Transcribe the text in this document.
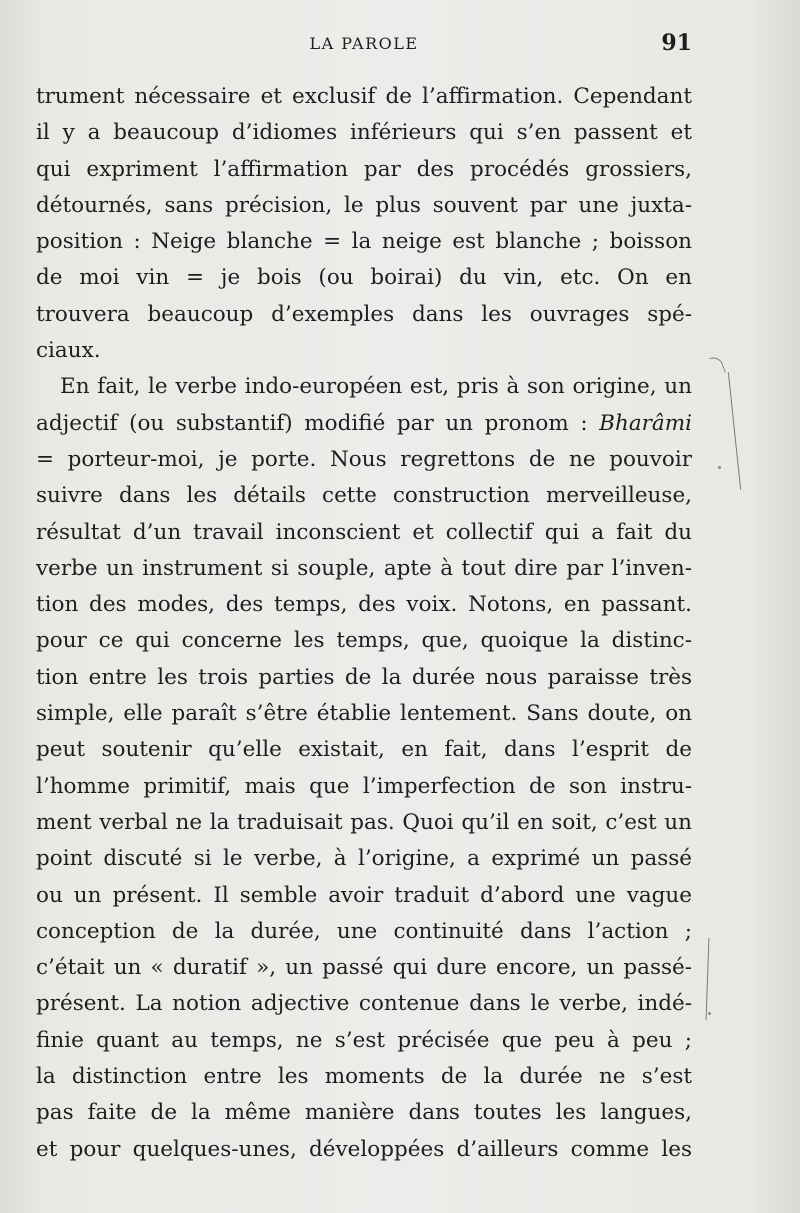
LA PAROLE	91
trument nécessaire et exclusif de l’affirmation. Cependant
il y a beaucoup d’idiomes inférieurs qui s’en passent et
qui expriment l’affirmation par des procédés grossiers,
détournés, sans précision, le plus souvent par une juxta-
position : Neige blanche = la neige est blanche ; boisson
de moi vin = je bois (ou boirai) du vin, etc. On en
trouvera beaucoup d’exemples dans les ouvrages spé-
ciaux.
En fait, le verbe indo-européen est, pris à son origine, un
adjectif (ou substantif) modifié par un pronom : Bharâmi
= porteur-moi, je porte. Nous regrettons de ne pouvoir
suivre dans les détails cette construction merveilleuse,
résultat d’un travail inconscient et collectif qui a fait du
verbe un instrument si souple, apte à tout dire par l’inven-
tion des modes, des temps, des voix. Notons, en passant.
pour ce qui concerne les temps, que, quoique la distinc-
tion entre les trois parties de la durée nous paraisse très
simple, elle paraît s’être établie lentement. Sans doute, on
peut soutenir qu’elle existait, en fait, dans l’esprit de
l’homme primitif, mais que l’imperfection de son instru-
ment verbal ne la traduisait pas. Quoi qu’il en soit, c’est un
point discuté si le verbe, à l’origine, a exprimé un passé
ou un présent. Il semble avoir traduit d’abord une vague
conception de la durée, une continuité dans l’action ;
c’était un « duratif », un passé qui dure encore, un passé-
présent. La notion adjective contenue dans le verbe, indé-
finie quant au temps, ne s’est précisée que peu à peu ;
la distinction entre les moments de la durée ne s’est
pas faite de la même manière dans toutes les langues,
et pour quelques-unes, développées d’ailleurs comme les
